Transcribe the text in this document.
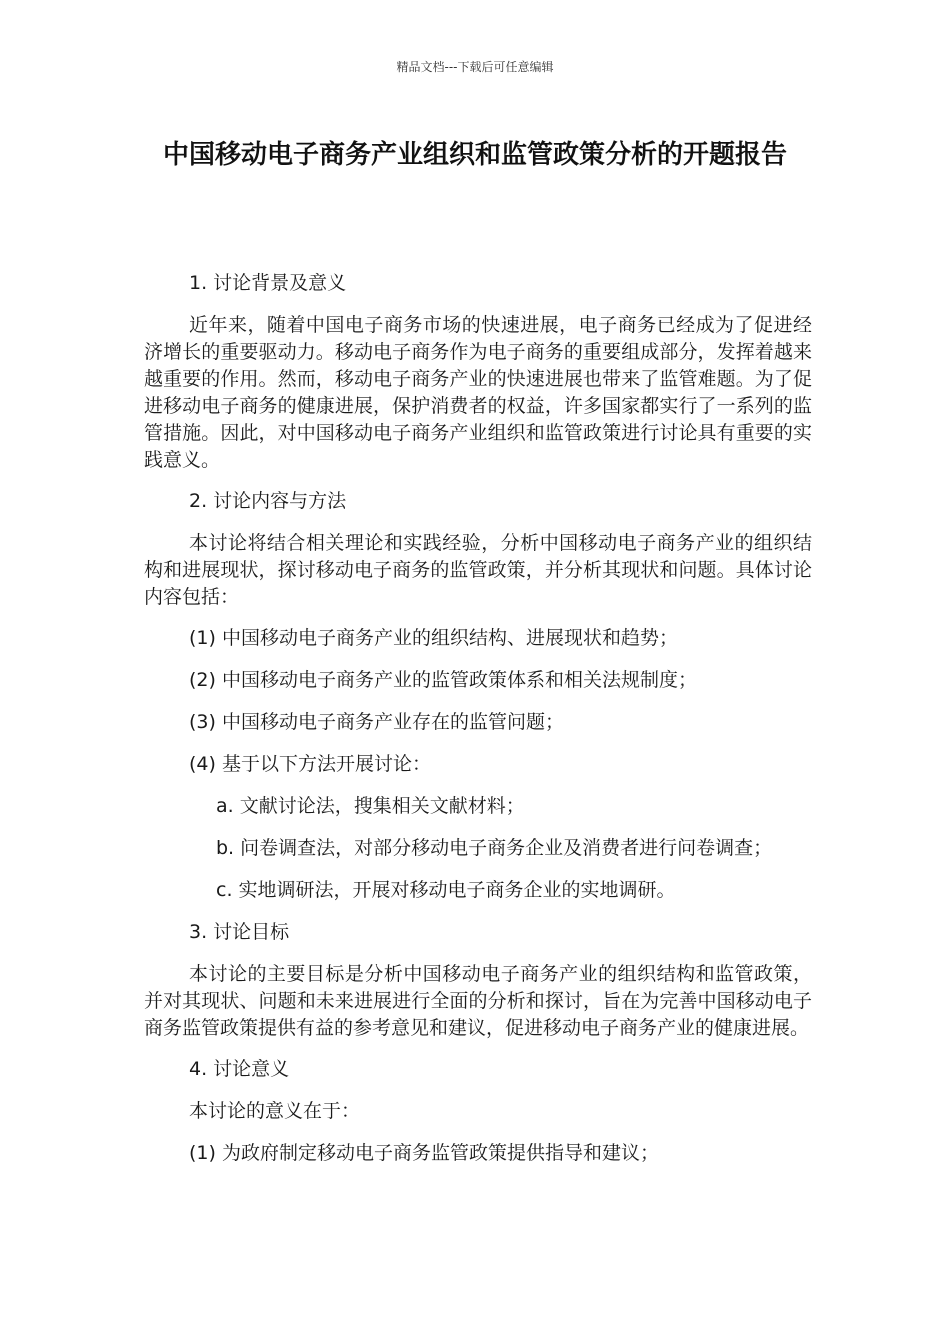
精品文档---下载后可任意编辑
中国移动电子商务产业组织和监管政策分析的开题报告
1. 讨论背景及意义

近年来，随着中国电子商务市场的快速进展，电子商务已经成为了促进经济增长的重要驱动力。移动电子商务作为电子商务的重要组成部分，发挥着越来越重要的作用。然而，移动电子商务产业的快速进展也带来了监管难题。为了促进移动电子商务的健康进展，保护消费者的权益，许多国家都实行了一系列的监管措施。因此，对中国移动电子商务产业组织和监管政策进行讨论具有重要的实践意义。

2. 讨论内容与方法

本讨论将结合相关理论和实践经验，分析中国移动电子商务产业的组织结构和进展现状，探讨移动电子商务的监管政策，并分析其现状和问题。具体讨论内容包括：

(1) 中国移动电子商务产业的组织结构、进展现状和趋势；
(2) 中国移动电子商务产业的监管政策体系和相关法规制度；
(3) 中国移动电子商务产业存在的监管问题；
(4) 基于以下方法开展讨论：
a. 文献讨论法，搜集相关文献材料；
b. 问卷调查法，对部分移动电子商务企业及消费者进行问卷调查；
c. 实地调研法，开展对移动电子商务企业的实地调研。
3. 讨论目标

本讨论的主要目标是分析中国移动电子商务产业的组织结构和监管政策，并对其现状、问题和未来进展进行全面的分析和探讨，旨在为完善中国移动电子商务监管政策提供有益的参考意见和建议，促进移动电子商务产业的健康进展。

4. 讨论意义
本讨论的意义在于：
(1) 为政府制定移动电子商务监管政策提供指导和建议；
